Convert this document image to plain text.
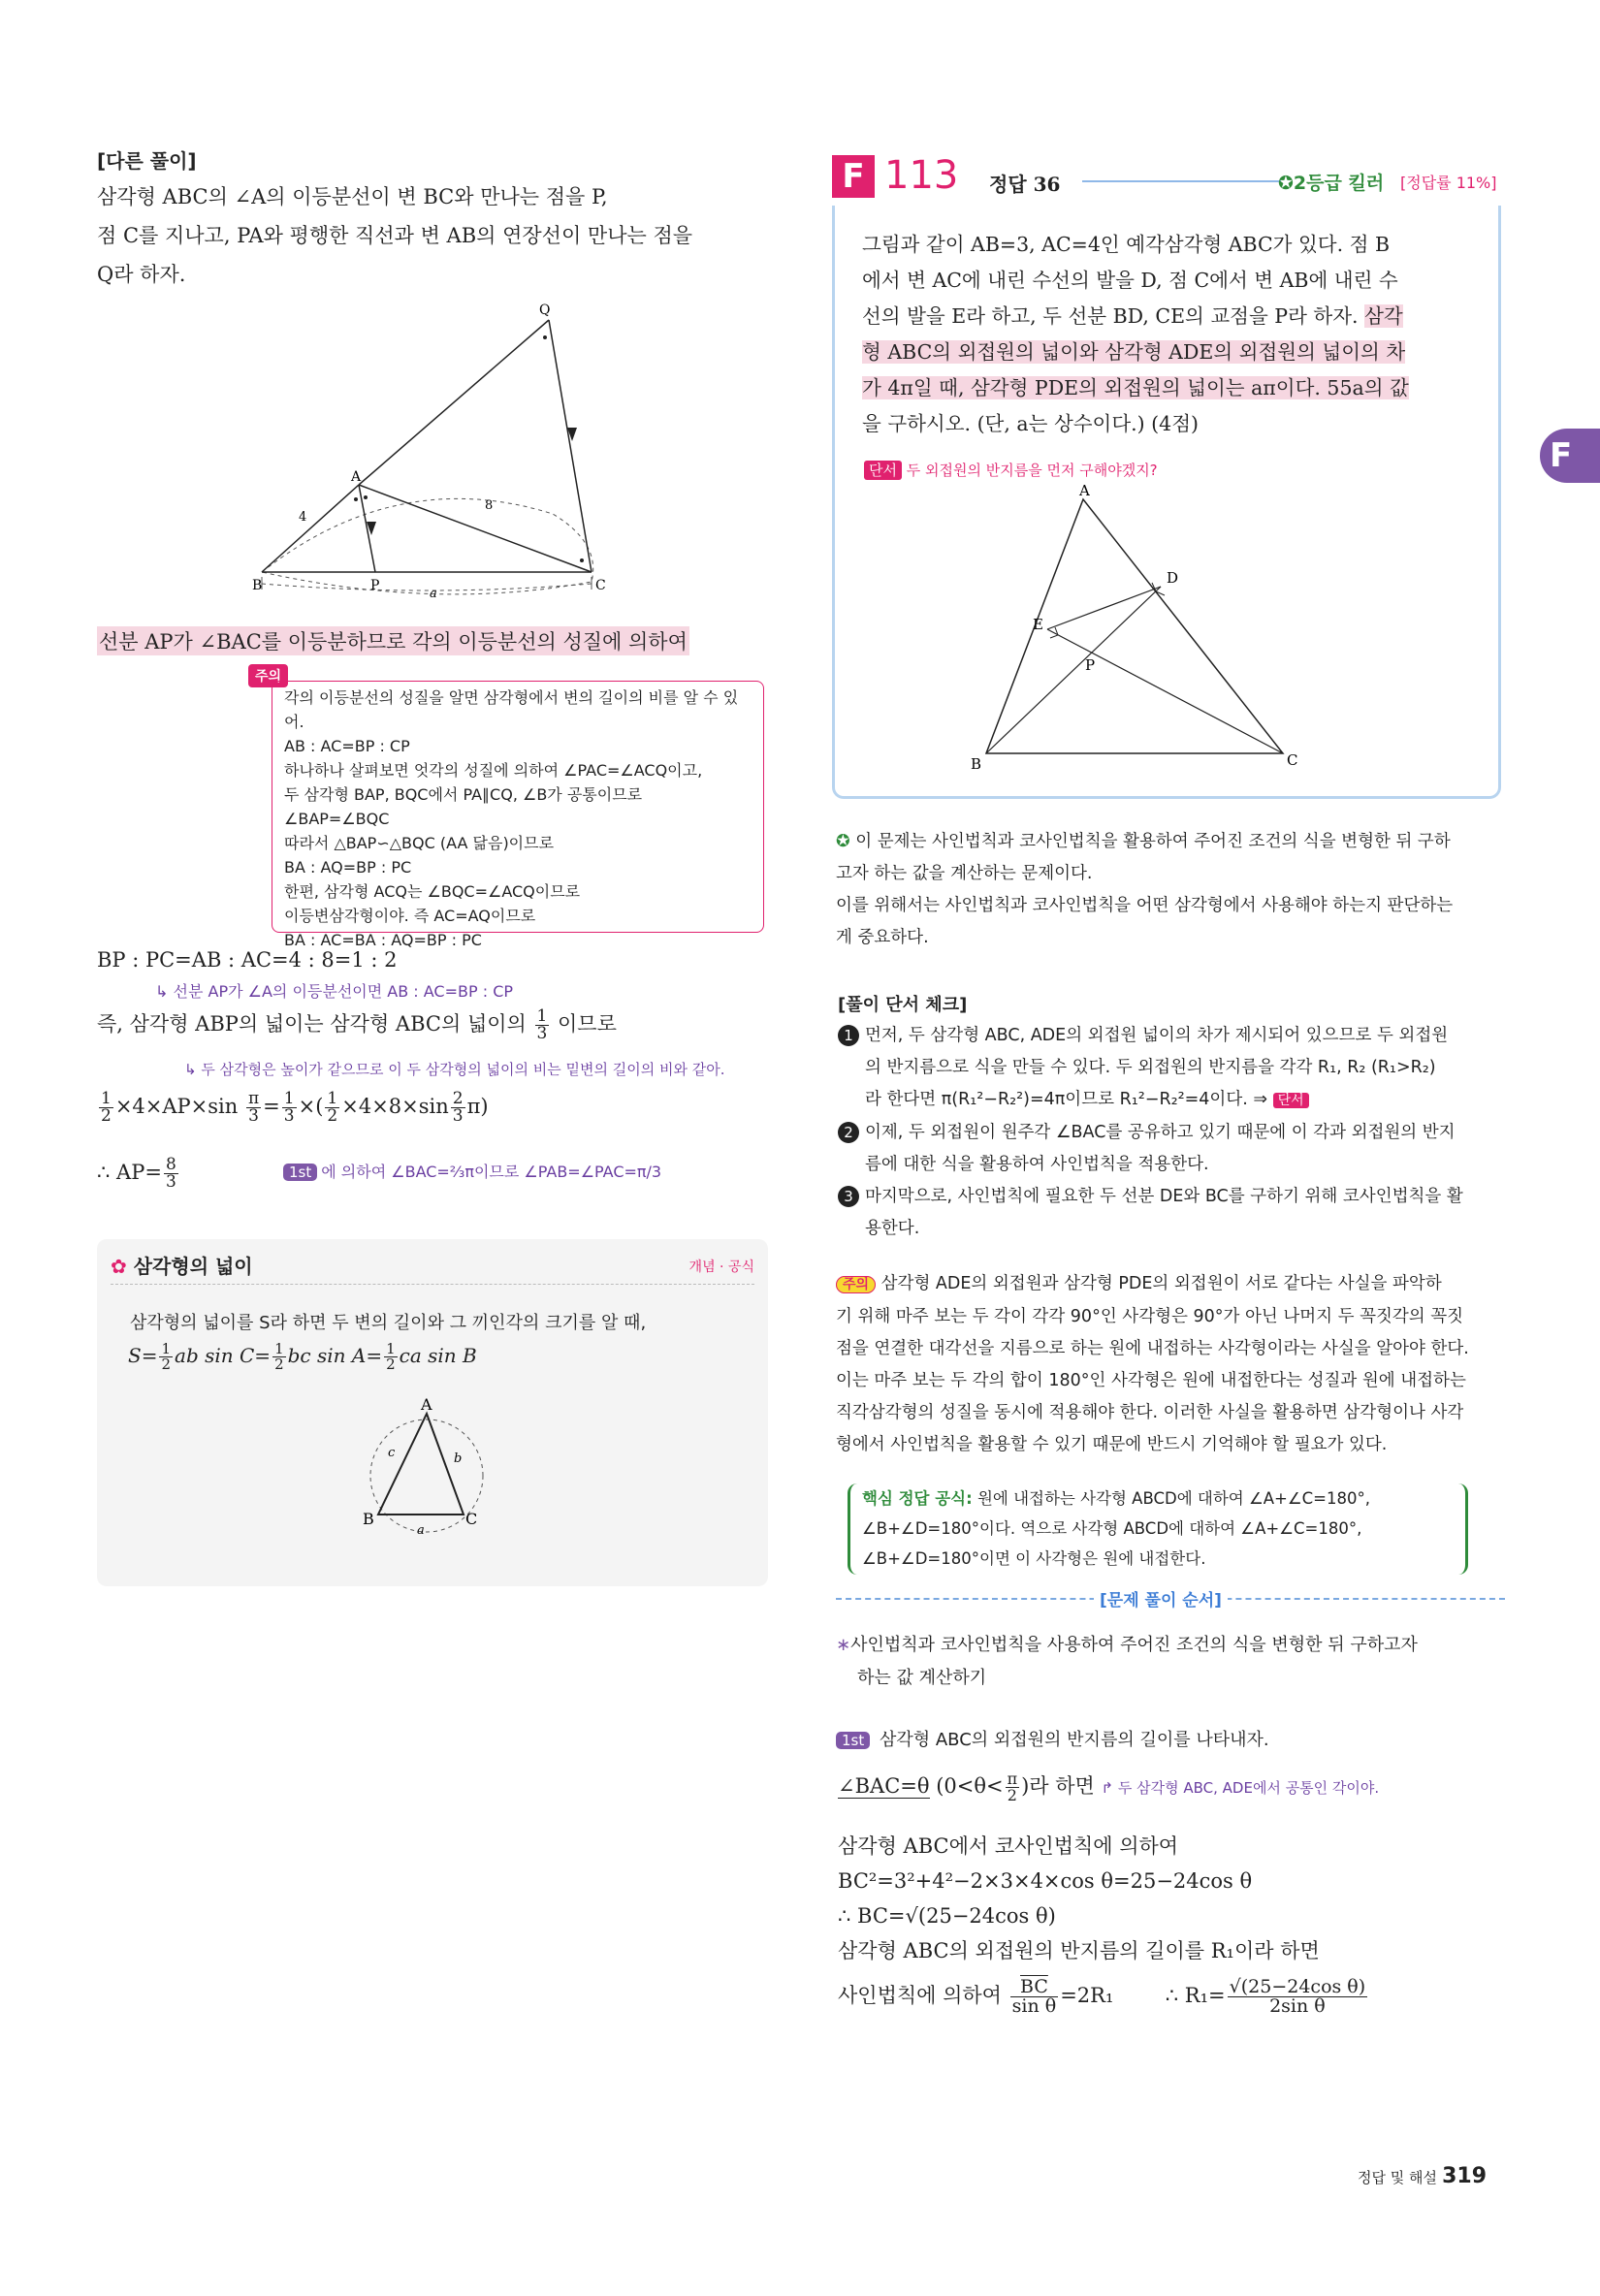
[다른 풀이]
삼각형 ABC의 ∠A의 이등분선이 변 BC와 만나는 점을 P,
점 C를 지나고, PA와 평행한 직선과 변 AB의 연장선이 만나는 점을
Q라 하자.
Q
A
B	C
P
4
8
a
선분 AP가 ∠BAC를 이등분하므로 각의 이등분선의 성질에 의하여
주의
각의 이등분선의 성질을 알면 삼각형에서 변의 길이의 비를 알 수 있어.
AB : AC=BP : CP
하나하나 살펴보면 엇각의 성질에 의하여 ∠PAC=∠ACQ이고,
두 삼각형 BAP, BQC에서 PA∥CQ, ∠B가 공통이므로
∠BAP=∠BQC
따라서 △BAP∽△BQC (AA 닮음)이므로
BA : AQ=BP : PC
한편, 삼각형 ACQ는 ∠BQC=∠ACQ이므로
이등변삼각형이야. 즉 AC=AQ이므로
BA : AC=BA : AQ=BP : PC
BP : PC=AB : AC=4 : 8=1 : 2
↳ 선분 AP가 ∠A의 이등분선이면 AB : AC=BP : CP
즉, 삼각형 ABP의 넓이는 삼각형 ABC의 넓이의 $\frac{1}{3}$ 이므로
↳ 두 삼각형은 높이가 같으므로 이 두 삼각형의 넓이의 비는 밑변의 길이의 비와 같아.
$\frac{1}{2} \times 4\times AP\times\sin \frac{\pi}{3} = \frac{1}{3}$ ×( $\frac{1}{2} \times 4\times 8\times\sin \frac{2}{3} \pi$)
∴ $AP= \frac{8}{3}$	1st 에 의하여 ∠BAC=⅔π이므로 ∠PAB=∠PAC=π/3
✿ 삼각형의 넓이	개념 · 공식
삼각형의 넓이를 S라 하면 두 변의 길이와 그 끼인각의 크기를 알 때,
$S= \frac{1}{2}$ ab $\sin C= \frac{1}{2}$ bc $\sin A= \frac{1}{2}$ ca sin B
A
B	C
a
b
c
F 113 정답 36	✪2등급 킬러 [정답률 11%]
그림과 같이 AB=3, AC=4인 예각삼각형 ABC가 있다. 점 B
에서 변 AC에 내린 수선의 발을 D, 점 C에서 변 AB에 내린 수
선의 발을 E라 하고, 두 선분 BD, CE의 교점을 P라 하자. 삼각
형 ABC의 외접원의 넓이와 삼각형 ADE의 외접원의 넓이의 차
가 4π일 때, 삼각형 PDE의 외접원의 넓이는 aπ이다. 55a의 값
을 구하시오. (단, a는 상수이다.) (4점)
단서 두 외접원의 반지름을 먼저 구해야겠지?
A
B	C
D
E
P
✪ 이 문제는 사인법칙과 코사인법칙을 활용하여 주어진 조건의 식을 변형한 뒤 구하
고자 하는 값을 계산하는 문제이다.
이를 위해서는 사인법칙과 코사인법칙을 어떤 삼각형에서 사용해야 하는지 판단하는
게 중요하다.
[풀이 단서 체크]
1 먼저, 두 삼각형 ABC, ADE의 외접원 넓이의 차가 제시되어 있으므로 두 외접원
의 반지름으로 식을 만들 수 있다. 두 외접원의 반지름을 각각 R₁, R₂ (R₁>R₂)
라 한다면 π(R₁²−R₂²)=4π이므로 R₁²−R₂²=4이다. ⇒ 단서
2 이제, 두 외접원이 원주각 ∠BAC를 공유하고 있기 때문에 이 각과 외접원의 반지
름에 대한 식을 활용하여 사인법칙을 적용한다.
3 마지막으로, 사인법칙에 필요한 두 선분 DE와 BC를 구하기 위해 코사인법칙을 활
용한다.
주의 삼각형 ADE의 외접원과 삼각형 PDE의 외접원이 서로 같다는 사실을 파악하
기 위해 마주 보는 두 각이 각각 90°인 사각형은 90°가 아닌 나머지 두 꼭짓각의 꼭짓
점을 연결한 대각선을 지름으로 하는 원에 내접하는 사각형이라는 사실을 알아야 한다.
이는 마주 보는 두 각의 합이 180°인 사각형은 원에 내접한다는 성질과 원에 내접하는
직각삼각형의 성질을 동시에 적용해야 한다. 이러한 사실을 활용하면 삼각형이나 사각
형에서 사인법칙을 활용할 수 있기 때문에 반드시 기억해야 할 필요가 있다.
핵심 정답 공식: 원에 내접하는 사각형 ABCD에 대하여 ∠A+∠C=180°,
∠B+∠D=180°이다. 역으로 사각형 ABCD에 대하여 ∠A+∠C=180°,
∠B+∠D=180°이면 이 사각형은 원에 내접한다.
[문제 풀이 순서]
∗사인법칙과 코사인법칙을 사용하여 주어진 조건의 식을 변형한 뒤 구하고자
하는 값 계산하기
1st 삼각형 ABC의 외접원의 반지름의 길이를 나타내자.
∠BAC=θ ($0<\theta< \frac{\pi}{2}$ )라 하면 ↱ 두 삼각형 ABC, ADE에서 공통인 각이야.
삼각형 ABC에서 코사인법칙에 의하여
BC²=3²+4²−2×3×4×cos θ=25−24cos θ
∴ BC=√(25−24cos θ)
삼각형 ABC의 외접원의 반지름의 길이를 R₁이라 하면
사인법칙에 의하여 $\frac{\overline{BC}}{\text{sin θ}} =2R_1$	∴ $R_1= \frac{\text{√(25−24cos θ)}}{\text{2sin θ}}$
F
정답 및 해설 319
